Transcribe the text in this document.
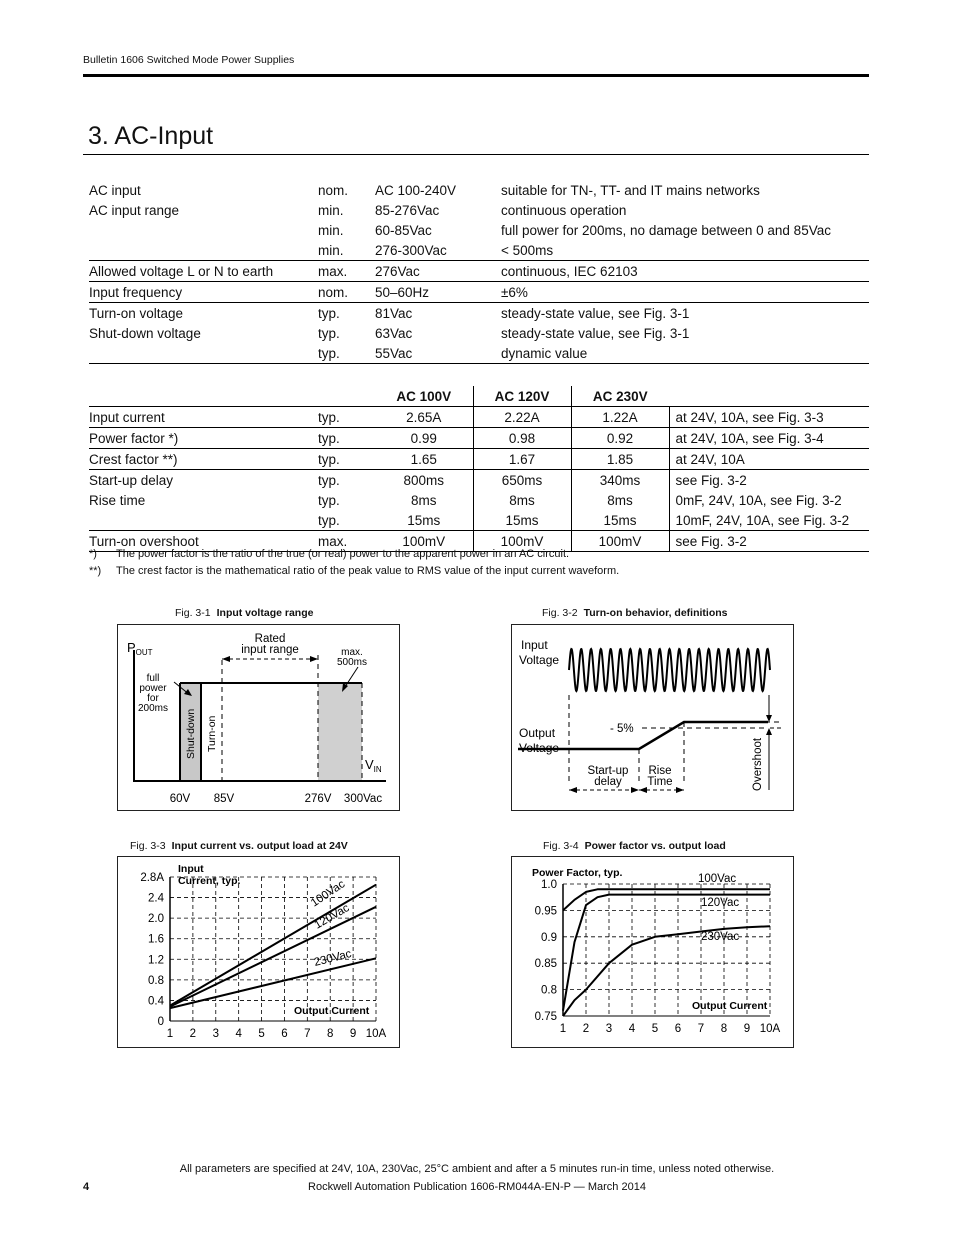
Bulletin 1606 Switched Mode Power Supplies
3. AC-Input
AC input	nom.	AC 100-240V	suitable for TN-, TT- and IT mains networks
AC input range	min.	85-276Vac	continuous operation
	min.	60-85Vac	full power for 200ms, no damage between 0 and 85Vac
	min.	276-300Vac	< 500ms
Allowed voltage L or N to earth	max.	276Vac	continuous, IEC 62103
Input frequency	nom.	50–60Hz	±6%
Turn-on voltage	typ.	81Vac	steady-state value, see Fig. 3-1
Shut-down voltage	typ.	63Vac	steady-state value, see Fig. 3-1
	typ.	55Vac	dynamic value
		AC 100V	AC 120V	AC 230V	
Input current	typ.	2.65A	2.22A	1.22A	at 24V, 10A, see Fig. 3-3
Power factor *)	typ.	0.99	0.98	0.92	at 24V, 10A, see Fig. 3-4
Crest factor **)	typ.	1.65	1.67	1.85	at 24V, 10A
Start-up delay	typ.	800ms	650ms	340ms	see Fig. 3-2
Rise time	typ.	8ms	8ms	8ms	0mF, 24V, 10A, see Fig. 3-2
	typ.	15ms	15ms	15ms	10mF, 24V, 10A, see Fig. 3-2
Turn-on overshoot	max.	100mV	100mV	100mV	see Fig. 3-2
*) The power factor is the ratio of the true (or real) power to the apparent power in an AC circuit.
**) The crest factor is the mathematical ratio of the peak value to RMS value of the input current waveform.
Fig. 3-1 Input voltage range
$P_{OUT}$
$V_{IN}$
Rated
input range	max.
500ms
full
power
for
200ms
Shut-down Turn-on
60V 85V	276V 300Vac
Fig. 3-2 Turn-on behavior, definitions
Input
Voltage
Output
Voltage
- 5%
Start-up
delay
Rise
Time	Overshoot
Fig. 3-3 Input current vs. output load at 24V
1 2 3 4 5 6 7 8 9 10A
0
0.4
0.8
1.2
1.6
2.0
2.4
2.8A
100Vac
120Vac
230Vac
Input
Current, typ.
Output Current
Fig. 3-4 Power factor vs. output load
1 2 3 4 5 6 7 8 9 10A
0.75
0.8
0.85
0.9
0.95
1.0	100Vac
120Vac
230Vac
Power Factor, typ.
Output Current
All parameters are specified at 24V, 10A, 230Vac, 25°C ambient and after a 5 minutes run-in time, unless noted otherwise.
4	Rockwell Automation Publication 1606-RM044A-EN-P — March 2014
